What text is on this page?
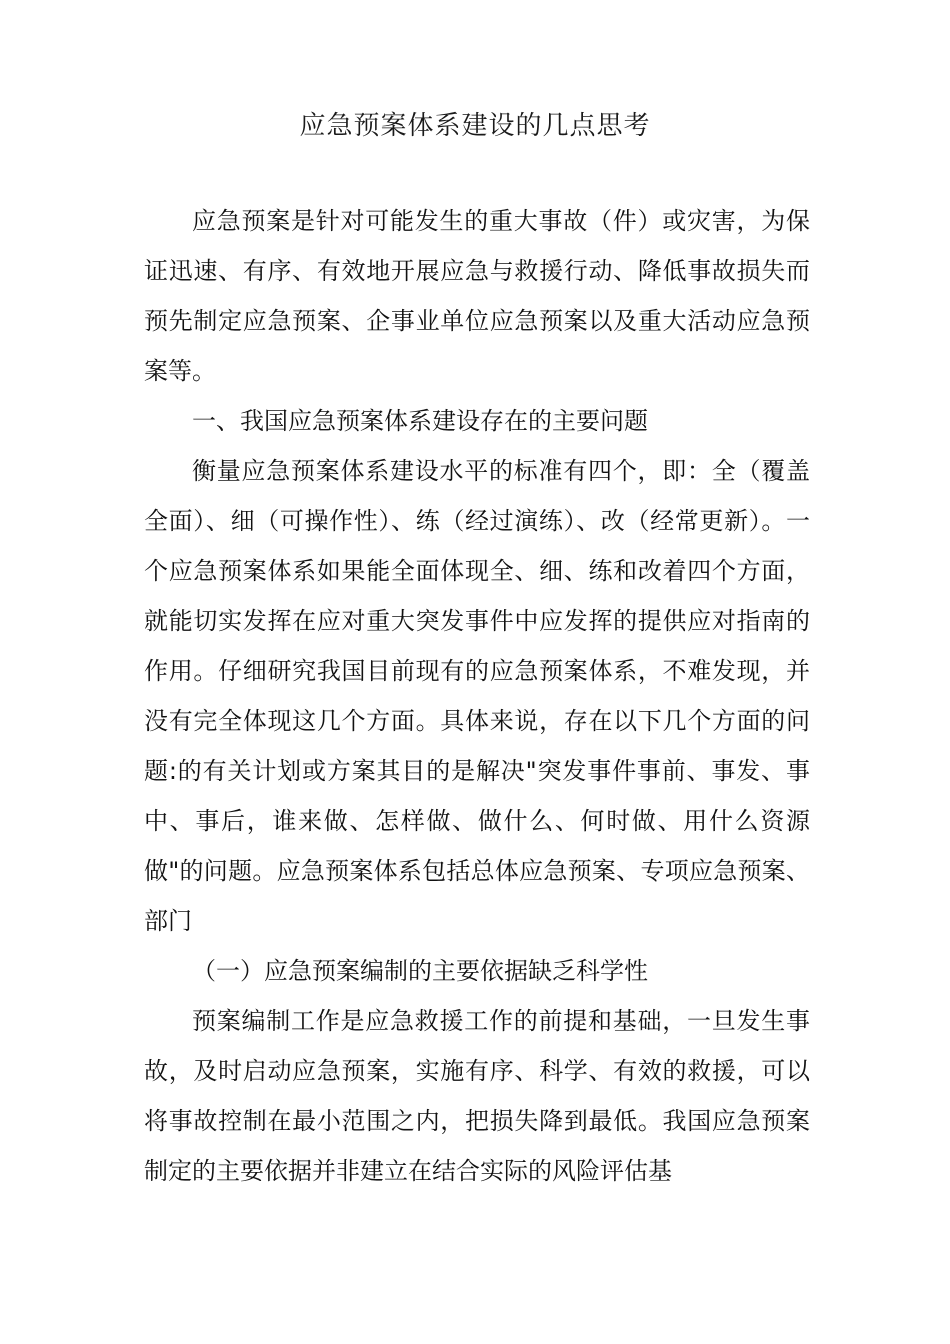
应急预案体系建设的几点思考

应急预案是针对可能发生的重大事故（件）或灾害，为保证迅速、有序、有效地开展应急与救援行动、降低事故损失而预先制定应急预案、企事业单位应急预案以及重大活动应急预案等。

一、我国应急预案体系建设存在的主要问题

衡量应急预案体系建设水平的标准有四个，即：全（覆盖全面）、细（可操作性）、练（经过演练）、改（经常更新）。一个应急预案体系如果能全面体现全、细、练和改着四个方面，就能切实发挥在应对重大突发事件中应发挥的提供应对指南的作用。仔细研究我国目前现有的应急预案体系，不难发现，并没有完全体现这几个方面。具体来说，存在以下几个方面的问题:的有关计划或方案其目的是解决"突发事件事前、事发、事中、事后，谁来做、怎样做、做什么、何时做、用什么资源做"的问题。应急预案体系包括总体应急预案、专项应急预案、部门

（一）应急预案编制的主要依据缺乏科学性

预案编制工作是应急救援工作的前提和基础，一旦发生事故，及时启动应急预案，实施有序、科学、有效的救援，可以将事故控制在最小范围之内，把损失降到最低。我国应急预案制定的主要依据并非建立在结合实际的风险评估基
